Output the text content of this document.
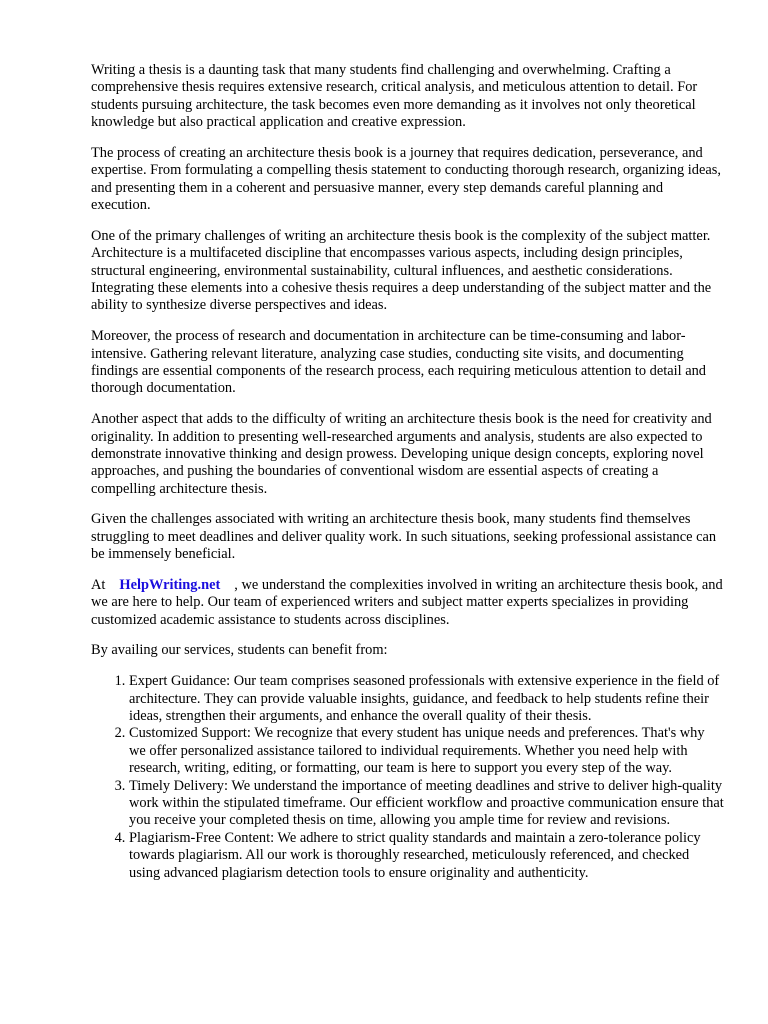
Writing a thesis is a daunting task that many students find challenging and overwhelming. Crafting a comprehensive thesis requires extensive research, critical analysis, and meticulous attention to detail. For students pursuing architecture, the task becomes even more demanding as it involves not only theoretical knowledge but also practical application and creative expression.

The process of creating an architecture thesis book is a journey that requires dedication, perseverance, and expertise. From formulating a compelling thesis statement to conducting thorough research, organizing ideas, and presenting them in a coherent and persuasive manner, every step demands careful planning and execution.

One of the primary challenges of writing an architecture thesis book is the complexity of the subject matter. Architecture is a multifaceted discipline that encompasses various aspects, including design principles, structural engineering, environmental sustainability, cultural influences, and aesthetic considerations. Integrating these elements into a cohesive thesis requires a deep understanding of the subject matter and the ability to synthesize diverse perspectives and ideas.

Moreover, the process of research and documentation in architecture can be time-consuming and labor-intensive. Gathering relevant literature, analyzing case studies, conducting site visits, and documenting findings are essential components of the research process, each requiring meticulous attention to detail and thorough documentation.

Another aspect that adds to the difficulty of writing an architecture thesis book is the need for creativity and originality. In addition to presenting well-researched arguments and analysis, students are also expected to demonstrate innovative thinking and design prowess. Developing unique design concepts, exploring novel approaches, and pushing the boundaries of conventional wisdom are essential aspects of creating a compelling architecture thesis.

Given the challenges associated with writing an architecture thesis book, many students find themselves struggling to meet deadlines and deliver quality work. In such situations, seeking professional assistance can be immensely beneficial.

At HelpWriting.net , we understand the complexities involved in writing an architecture thesis book, and we are here to help. Our team of experienced writers and subject matter experts specializes in providing customized academic assistance to students across disciplines.

By availing our services, students can benefit from:

1. Expert Guidance: Our team comprises seasoned professionals with extensive experience in the field of architecture. They can provide valuable insights, guidance, and feedback to help students refine their ideas, strengthen their arguments, and enhance the overall quality of their thesis.
2. Customized Support: We recognize that every student has unique needs and preferences. That's why we offer personalized assistance tailored to individual requirements. Whether you need help with research, writing, editing, or formatting, our team is here to support you every step of the way.
3. Timely Delivery: We understand the importance of meeting deadlines and strive to deliver high-quality work within the stipulated timeframe. Our efficient workflow and proactive communication ensure that you receive your completed thesis on time, allowing you ample time for review and revisions.
4. Plagiarism-Free Content: We adhere to strict quality standards and maintain a zero-tolerance policy towards plagiarism. All our work is thoroughly researched, meticulously referenced, and checked using advanced plagiarism detection tools to ensure originality and authenticity.
